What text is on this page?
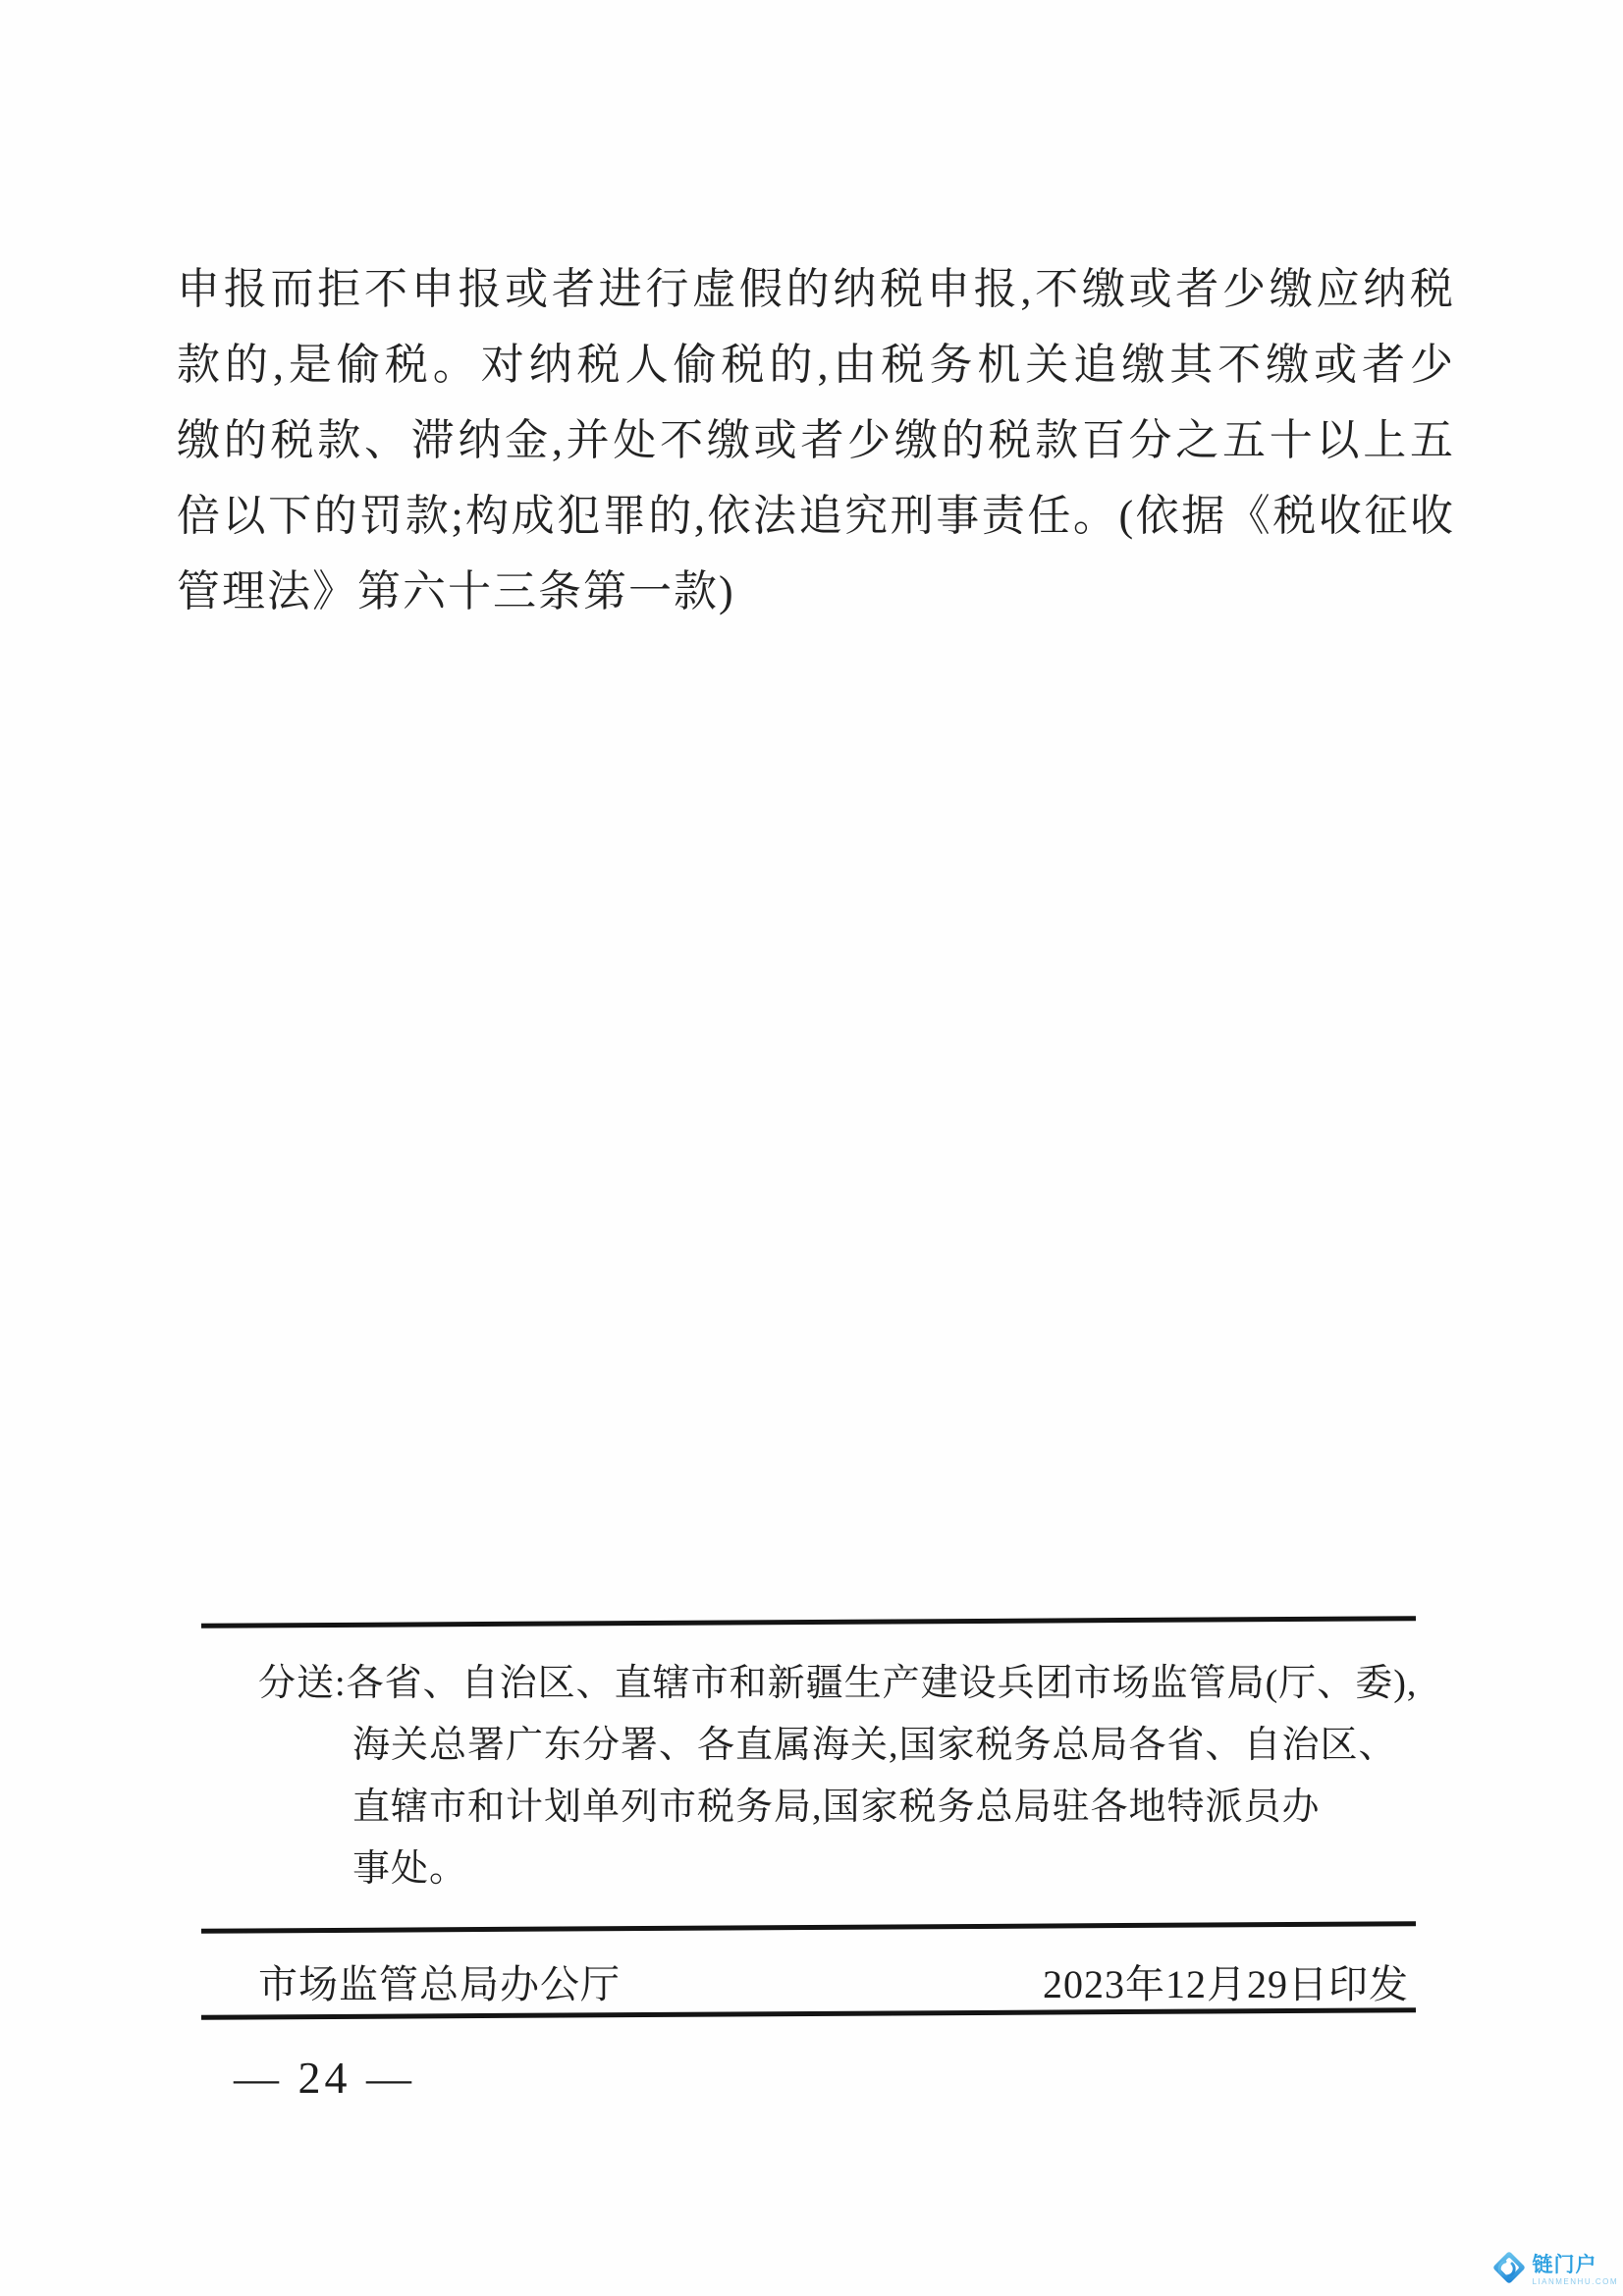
申报而拒不申报或者进行虚假的纳税申报,不缴或者少缴应纳税
款的,是偷税。对纳税人偷税的,由税务机关追缴其不缴或者少
缴的税款、滞纳金,并处不缴或者少缴的税款百分之五十以上五
倍以下的罚款;构成犯罪的,依法追究刑事责任。(依据《税收征收
管理法》第六十三条第一款)
分送:各省、自治区、直辖市和新疆生产建设兵团市场监管局(厅、委),
海关总署广东分署、各直属海关,国家税务总局各省、自治区、
直辖市和计划单列市税务局,国家税务总局驻各地特派员办
事处。
市场监管总局办公厅	2023年12月29日印发
— 24 —
链门户
LIANMENHU.COM
